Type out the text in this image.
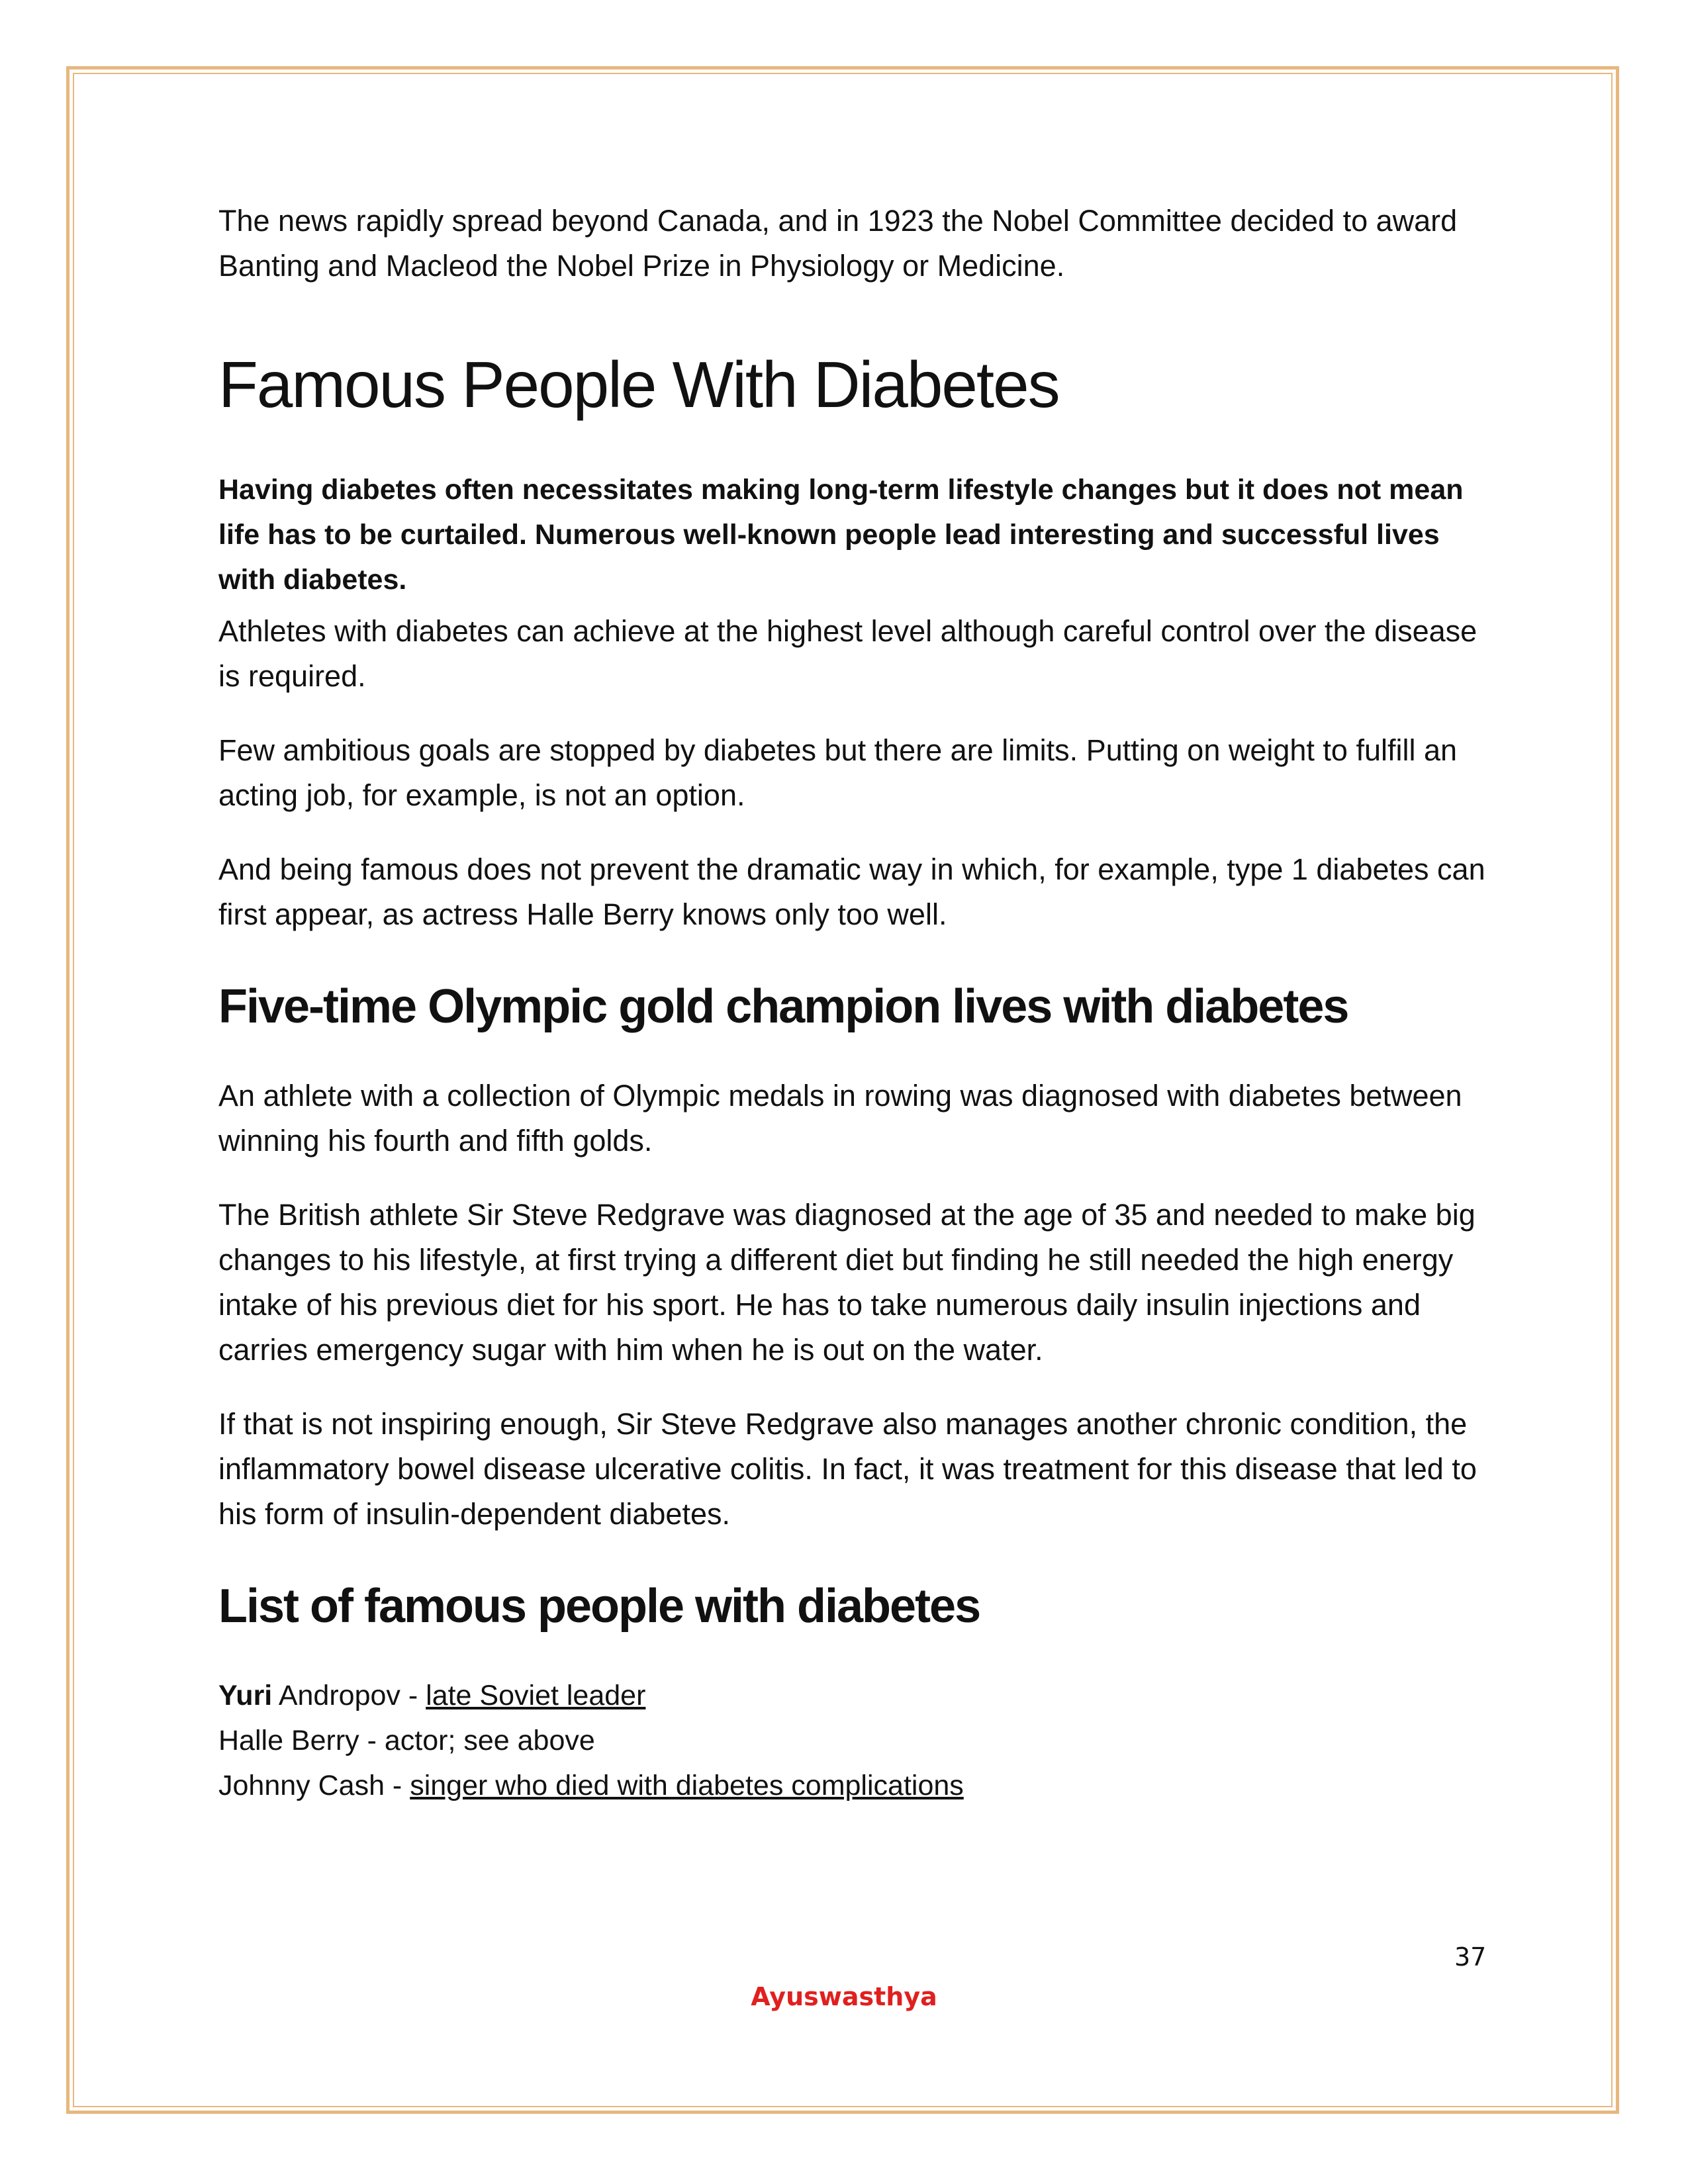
The news rapidly spread beyond Canada, and in 1923 the Nobel Committee decided to award Banting and Macleod the Nobel Prize in Physiology or Medicine.

Famous People With Diabetes

Having diabetes often necessitates making long-term lifestyle changes but it does not mean life has to be curtailed. Numerous well-known people lead interesting and successful lives with diabetes.

Athletes with diabetes can achieve at the highest level although careful control over the disease is required.

Few ambitious goals are stopped by diabetes but there are limits. Putting on weight to fulfill an acting job, for example, is not an option.

And being famous does not prevent the dramatic way in which, for example, type 1 diabetes can first appear, as actress Halle Berry knows only too well.

Five-time Olympic gold champion lives with diabetes

An athlete with a collection of Olympic medals in rowing was diagnosed with diabetes between winning his fourth and fifth golds.

The British athlete Sir Steve Redgrave was diagnosed at the age of 35 and needed to make big changes to his lifestyle, at first trying a different diet but finding he still needed the high energy intake of his previous diet for his sport. He has to take numerous daily insulin injections and carries emergency sugar with him when he is out on the water.

If that is not inspiring enough, Sir Steve Redgrave also manages another chronic condition, the inflammatory bowel disease ulcerative colitis. In fact, it was treatment for this disease that led to his form of insulin-dependent diabetes.

List of famous people with diabetes

Yuri Andropov - late Soviet leader

Halle Berry - actor; see above

Johnny Cash - singer who died with diabetes complications

37
Ayuswasthya
